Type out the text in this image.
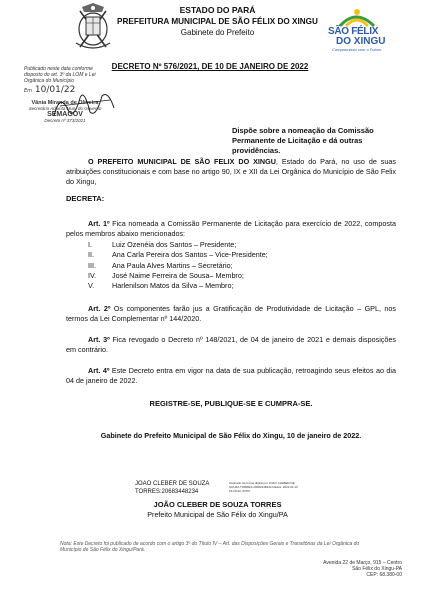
ESTADO DO PARÁ
PREFEITURA MUNICIPAL DE SÃO FÉLIX DO XINGU
Gabinete do Prefeito	SÃO FÉLIX
DO XINGU
Compromisso com o Futuro
DECRETO Nº 576/2021, DE 10 DE JANEIRO DE 2022
Publicado neste data conforme disposto do art. 3º da LOM e Lei Orgânica do Município
Em 10/01/22
Vânia Miranda de Oliveira
Secretária Adjunta Mun. do Governo
SEMAGOV
Decreto nº 373/2021
Dispõe sobre a nomeação da Comissão Permanente de Licitação e dá outras providências.

O PREFEITO MUNICIPAL DE SÃO FELIX DO XINGU, Estado do Pará, no uso de suas atribuições constitucionais e com base no artigo 90, IX e XII da Lei Orgânica do Município de São Felix do Xingu,

DECRETA:

Art. 1º Fica nomeada a Comissão Permanente de Licitação para exercício de 2022, composta pelos membros abaixo mencionados:

I.	Luiz Ozenéia dos Santos – Presidente;
II.	Ana Carla Pereira dos Santos – Vice-Presidente;
III.	Ana Paula Alves Martins – Secretário;
IV.	José Naime Ferreira de Sousa– Membro;
V.	Harlenilson Matos da Silva – Membro;

Art. 2º Os componentes farão jus a Gratificação de Produtividade de Licitação – GPL, nos termos da Lei Complementar nº 144/2020.

Art. 3º Fica revogado o Decreto nº 148/2021, de 04 de janeiro de 2021 e demais disposições em contrário.

Art. 4º Este Decreto entra em vigor na data de sua publicação, retroagindo seus efeitos ao dia 04 de janeiro de 2022.

REGISTRE-SE, PUBLIQUE-SE E CUMPRA-SE.
Gabinete do Prefeito Municipal de São Félix do Xingu, 10 de janeiro de 2022.
JOAO CLEBER DE SOUZA
TORRES:20683448234
Assinado de forma digital por JOAO CLEBER DE SOUZA TORRES:20683448234 Dados: 2022.01.10 16:20:33 -03'00'
JOÃO CLEBER DE SOUZA TORRES
Prefeito Municipal de São Félix do Xingu/PA
Nota: Este Decreto foi publicado de acordo com o artigo 3º do Título IV – Art. das Disposições Gerais e Transitórias da Lei Orgânica do Município de São Félix do Xingu/Pará.
Avenida 22 de Março, 915 – Centro
São Félix do Xingu-PA
CEP: 68.380-00
